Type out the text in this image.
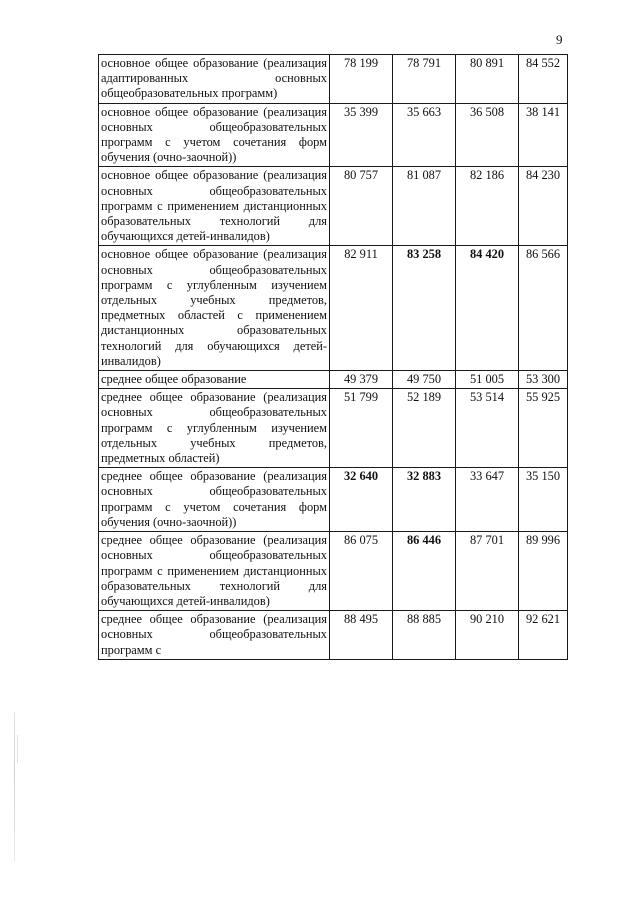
9
основное общее образование (реализация адаптированных основных общеобразовательных программ)	78 199	78 791	80 891	84 552
основное общее образование (реализация основных общеобразовательных программ с учетом сочетания форм обучения (очно-заочной))	35 399	35 663	36 508	38 141
основное общее образование (реализация основных общеобразовательных программ с применением дистанционных образовательных технологий для обучающихся детей-инвалидов)	80 757	81 087	82 186	84 230
основное общее образование (реализация основных общеобразовательных программ с углубленным изучением отдельных учебных предметов, предметных областей с применением дистанционных образовательных технологий для обучающихся детей-инвалидов)	82 911	83 258	84 420	86 566
среднее общее образование	49 379	49 750	51 005	53 300
среднее общее образование (реализация основных общеобразовательных программ с углубленным изучением отдельных учебных предметов, предметных областей)	51 799	52 189	53 514	55 925
среднее общее образование (реализация основных общеобразовательных программ с учетом сочетания форм обучения (очно-заочной))	32 640	32 883	33 647	35 150
среднее общее образование (реализация основных общеобразовательных программ с применением дистанционных образовательных технологий для обучающихся детей-инвалидов)	86 075	86 446	87 701	89 996
среднее общее образование (реализация основных общеобразовательных программ с	88 495	88 885	90 210	92 621
